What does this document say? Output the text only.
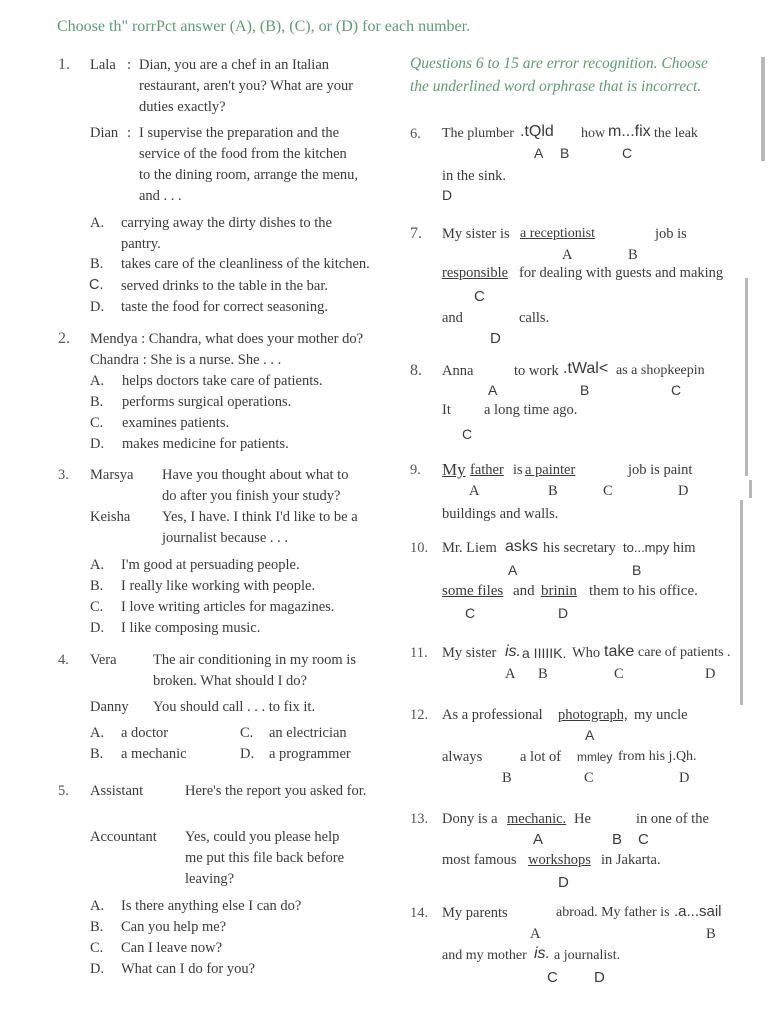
Choose th" rorrPct answer (A), (B), (C), or (D) for each number.
Questions 6 to 15 are error recognition. Choose
the underlined word orphrase that is incorrect.
1. Lala : Dian, you are a chef in an Italian
restaurant, aren't you? What are your
duties exactly?
Dian : I supervise the preparation and the
service of the food from the kitchen
to the dining room, arrange the menu,
and . . .
A. carrying away the dirty dishes to the
pantry.
B. takes care of the cleanliness of the kitchen.
C. served drinks to the table in the bar.
D. taste the food for correct seasoning.
2. Mendya : Chandra, what does your mother do?
Chandra : She is a nurse. She . . .
A. helps doctors take care of patients.
B. performs surgical operations.
C. examines patients.
D. makes medicine for patients.
3. Marsya Have you thought about what to
do after you finish your study?
Keisha Yes, I have. I think I'd like to be a
journalist because . . .
A. I'm good at persuading people.
B. I really like working with people.
C. I love writing articles for magazines.
D. I like composing music.
4. Vera	The air conditioning in my room is
broken. What should I do?
Danny You should call . . . to fix it.
A. a doctor	C. an electrician
B. a mechanic	D. a programmer
5. Assistant	Here's the report you asked for.
Accountant Yes, could you please help
me put this file back before
leaving?
A. Is there anything else I can do?
B. Can you help me?
C. Can I leave now?
D. What can I do for you?
6. The plumber .tQld how m...fix the leak
A B	C
in the sink.
D
7. My sister is a receptionist	job is
A	B
responsible for dealing with guests and making
C
and	calls.
D
8. Anna	to work .tWal< as a shopkeepin
A	B	C
It a long time ago.
C
9. My father is a painter	job is paint
A	B	C	D
buildings and walls.
10. Mr. Liem asks his secretary to...mpy him
A	B
some files and brinin them to his office.
C	D
11. My sister is. a IIIIIK. Who take care of patients .
A B	C	D
12. As a professional photograph, my uncle
A
always	a lot of mmley from his j.Qh.
B	C	D
13. Dony is a mechanic. He	in one of the
A	B C
most famous workshops in Jakarta.
D
14. My parents	abroad. My father is .a...sail
A	B
and my mother is. a journalist.
C D
